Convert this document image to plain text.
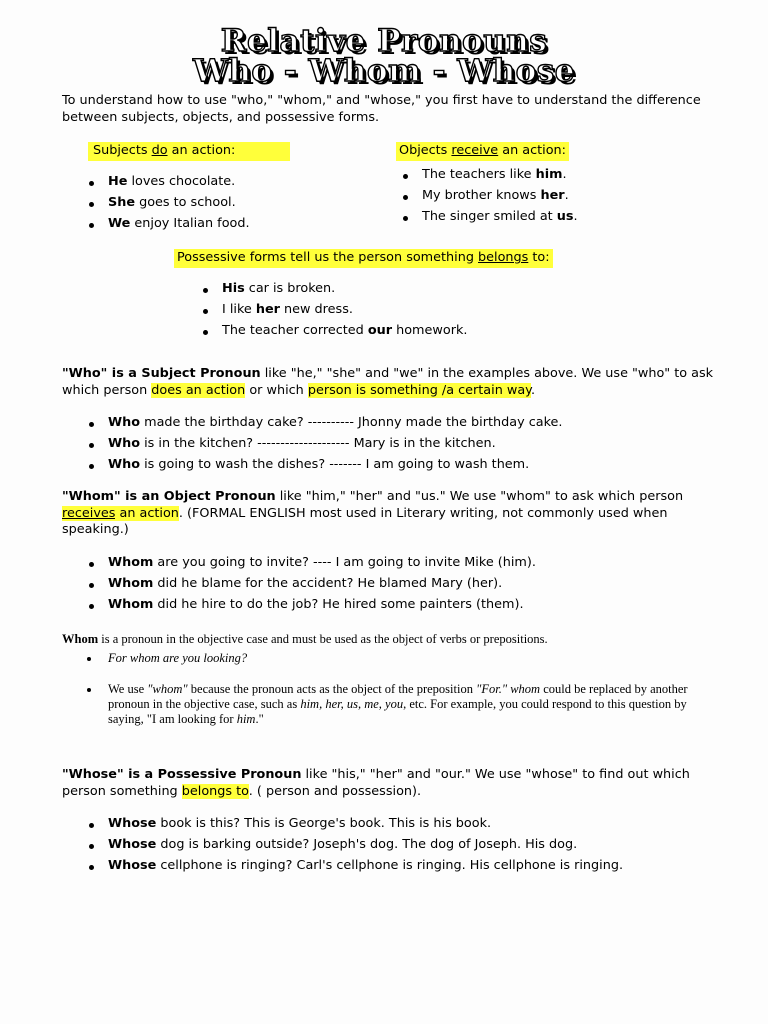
Relative Pronouns
Who - Whom - Whose
To understand how to use "who," "whom," and "whose," you first have to understand the difference between subjects, objects, and possessive forms.
Subjects do an action:
He loves chocolate.
She goes to school.
We enjoy Italian food.
Objects receive an action:
The teachers like him.
My brother knows her.
The singer smiled at us.
Possessive forms tell us the person something belongs to:
His car is broken.
I like her new dress.
The teacher corrected our homework.
"Who" is a Subject Pronoun like "he," "she" and "we" in the examples above. We use "who" to ask which person does an action or which person is something /a certain way.
Who made the birthday cake? ---------- Jhonny made the birthday cake.
Who is in the kitchen? -------------------- Mary is in the kitchen.
Who is going to wash the dishes? ------- I am going to wash them.
"Whom" is an Object Pronoun like "him," "her" and "us." We use "whom" to ask which person receives an action. (FORMAL ENGLISH most used in Literary writing, not commonly used when speaking.)
Whom are you going to invite? ---- I am going to invite Mike (him).
Whom did he blame for the accident? He blamed Mary (her).
Whom did he hire to do the job? He hired some painters (them).
Whom is a pronoun in the objective case and must be used as the object of verbs or prepositions.
For whom are you looking?
We use "whom" because the pronoun acts as the object of the preposition "For." whom could be replaced by another pronoun in the objective case, such as him, her, us, me, you, etc. For example, you could respond to this question by saying, "I am looking for him."
"Whose" is a Possessive Pronoun like "his," "her" and "our." We use "whose" to find out which person something belongs to. ( person and possession).
Whose book is this? This is George's book. This is his book.
Whose dog is barking outside? Joseph's dog. The dog of Joseph. His dog.
Whose cellphone is ringing? Carl's cellphone is ringing. His cellphone is ringing.
